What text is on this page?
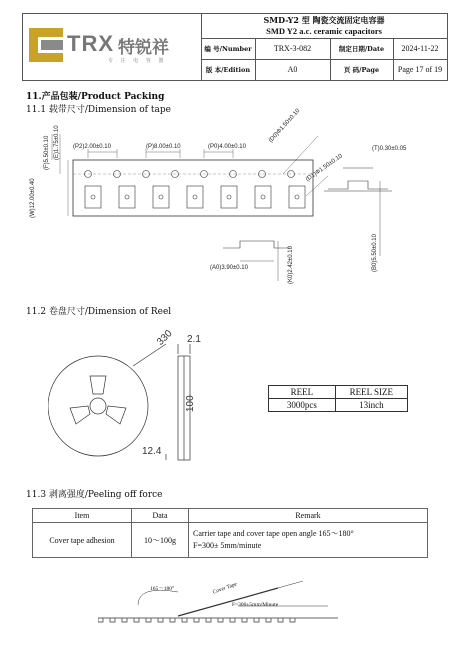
TRX 特锐祥
专 注 电 容 器
SMD-Y2 型 陶瓷交流固定电容器
SMD Y2 a.c. ceramic capacitors
编 号/Number	TRX-3-082	制定日期/Date	2024-11-22
版 本/Edition	A0	页 码/Page	Page 17 of 19
11.产品包装/Product Packing
11.1 载带尺寸/Dimension of tape
(P2)2.00±0.10	(P)8.00±0.10	(P0)4.00±0.10
(D0)Φ1.50±0.10
(D1)Φ1.50±0.10
(T)0.30±0.05
(F)5.50±0.10 (E)1.75±0.10
(W)12.00±0.40
(A0)3.90±0.10	(B0)5.50±0.10
(K0)2.42±0.10
11.2 卷盘尺寸/Dimension of Reel
330 2.1
100
12.4
REEL	REEL SIZE
3000pcs	13inch
11.3 剥离强度/Peeling off force
Item	Data	Remark
Cover tape adhesion	10～100g	Carrier tape and cover tape open angle 165～180°
F=300± 5mm/minute
165～180°	Cover Tape
F=300±5mm/Minute
